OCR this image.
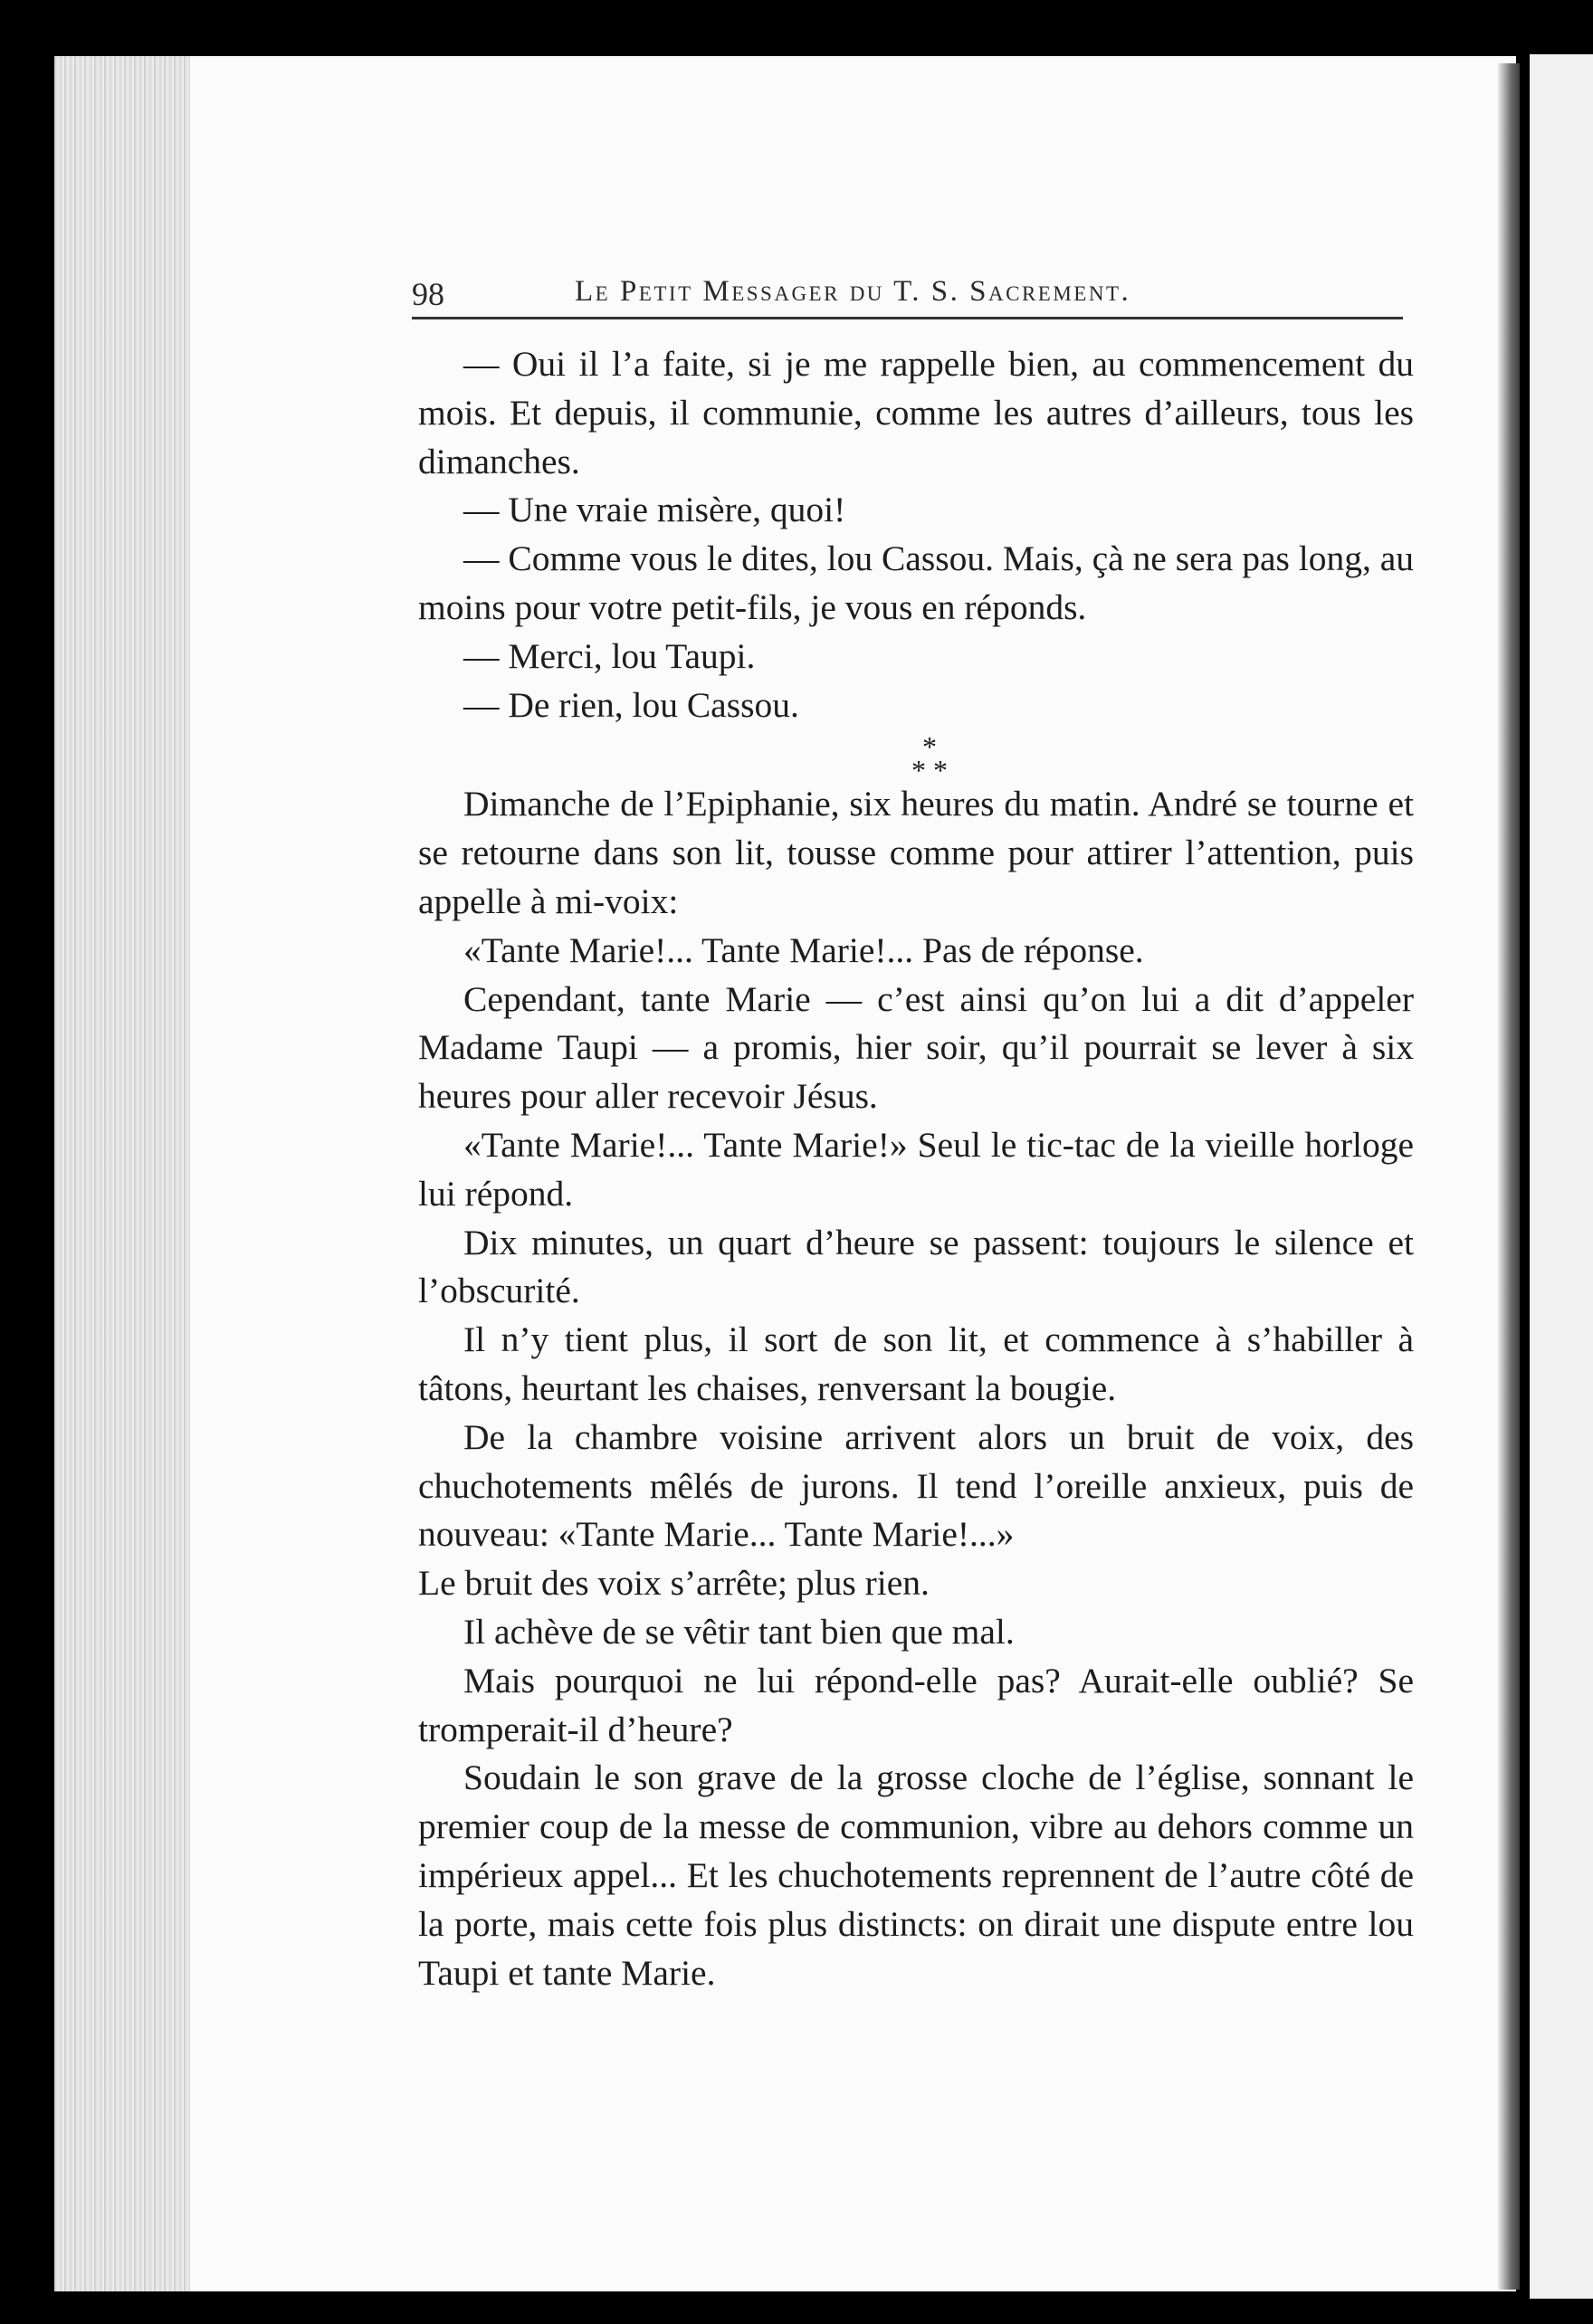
98	Le Petit Messager du T. S. Sacrement.

— Oui il l’a faite, si je me rappelle bien, au commencement du mois. Et depuis, il communie, comme les autres d’ailleurs, tous les dimanches.

— Une vraie misère, quoi!

— Comme vous le dites, lou Cassou. Mais, çà ne sera pas long, au moins pour votre petit-fils, je vous en réponds.

— Merci, lou Taupi.

— De rien, lou Cassou.

*
* *

Dimanche de l’Epiphanie, six heures du matin. André se tourne et se retourne dans son lit, tousse comme pour attirer l’attention, puis appelle à mi-voix:

«Tante Marie!... Tante Marie!... Pas de réponse.

Cependant, tante Marie — c’est ainsi qu’on lui a dit d’appeler Madame Taupi — a promis, hier soir, qu’il pourrait se lever à six heures pour aller recevoir Jésus.

«Tante Marie!... Tante Marie!» Seul le tic-tac de la vieille horloge lui répond.

Dix minutes, un quart d’heure se passent: toujours le silence et l’obscurité.

Il n’y tient plus, il sort de son lit, et commence à s’habiller à tâtons, heurtant les chaises, renversant la bougie.

De la chambre voisine arrivent alors un bruit de voix, des chuchotements mêlés de jurons. Il tend l’oreille anxieux, puis de nouveau: «Tante Marie... Tante Marie!...»

Le bruit des voix s’arrête; plus rien.

Il achève de se vêtir tant bien que mal.

Mais pourquoi ne lui répond-elle pas? Aurait-elle oublié? Se tromperait-il d’heure?

Soudain le son grave de la grosse cloche de l’église, sonnant le premier coup de la messe de communion, vibre au dehors comme un impérieux appel... Et les chuchotements reprennent de l’autre côté de la porte, mais cette fois plus distincts: on dirait une dispute entre lou Taupi et tante Marie.
